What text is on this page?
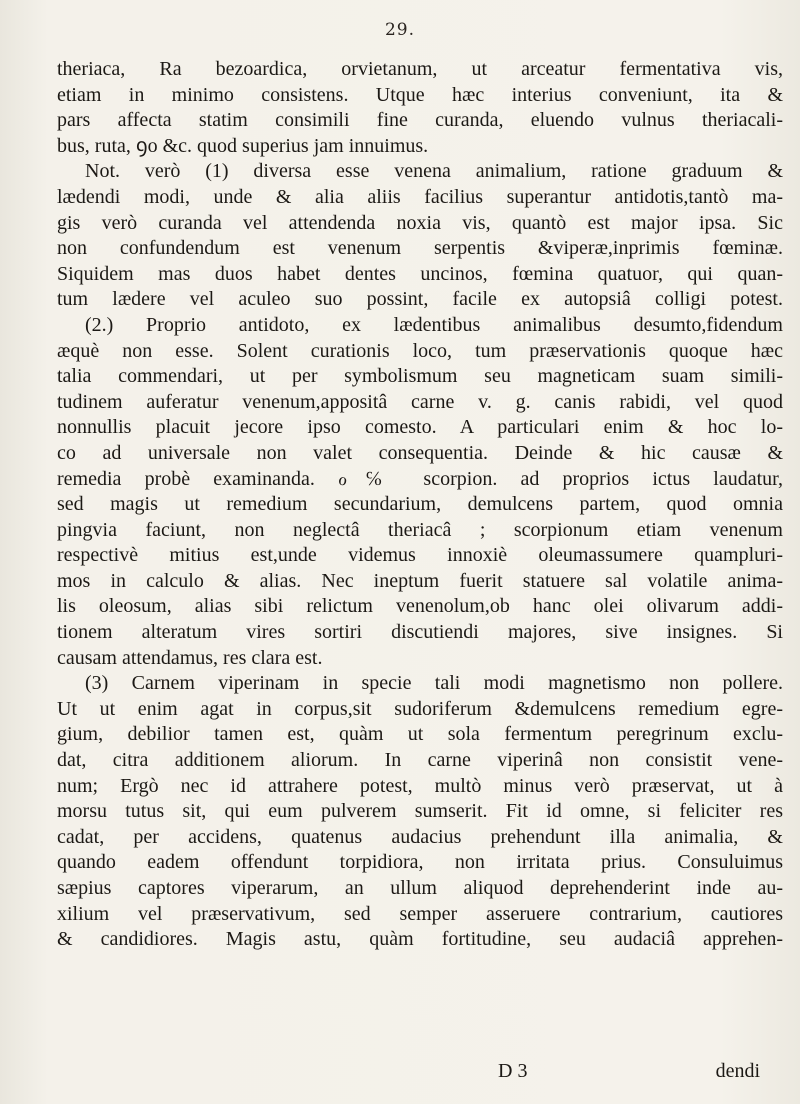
29.
theriaca, Ra bezoardica, orvietanum, ut arceatur fermentativa vis,
etiam in minimo consistens. Utque hæc interius conveniunt, ita &
pars affecta statim consimili fine curanda, eluendo vulnus theriacali-
bus, ruta, ꝯo &c. quod superius jam innuimus.
Not. verò (1) diversa esse venena animalium, ratione graduum &
lædendi modi, unde & alia aliis facilius superantur antidotis,tantò ma-
gis verò curanda vel attendenda noxia vis, quantò est major ipsa. Sic
non confundendum est venenum serpentis &viperæ,inprimis fœminæ.
Siquidem mas duos habet dentes uncinos, fœmina quatuor, qui quan-
tum lædere vel aculeo suo possint, facile ex autopsiâ colligi potest.
(2.) Proprio antidoto, ex lædentibus animalibus desumto,fidendum
æquè non esse. Solent curationis loco, tum præservationis quoque hæc
talia commendari, ut per symbolismum seu magneticam suam simili-
tudinem auferatur venenum,appositâ carne v. g. canis rabidi, vel quod
nonnullis placuit jecore ipso comesto. A particulari enim & hoc lo-
co ad universale non valet consequentia. Deinde & hic causæ &
remedia probè examinanda. ℴ℅ scorpion. ad proprios ictus laudatur,
sed magis ut remedium secundarium, demulcens partem, quod omnia
pingvia faciunt, non neglectâ theriacâ ; scorpionum etiam venenum
respectivè mitius est,unde videmus innoxiè oleumassumere quampluri-
mos in calculo & alias. Nec ineptum fuerit statuere sal volatile anima-
lis oleosum, alias sibi relictum venenolum,ob hanc olei olivarum addi-
tionem alteratum vires sortiri discutiendi majores, sive insignes. Si
causam attendamus, res clara est.
(3) Carnem viperinam in specie tali modi magnetismo non pollere.
Ut ut enim agat in corpus,sit sudoriferum &demulcens remedium egre-
gium, debilior tamen est, quàm ut sola fermentum peregrinum exclu-
dat, citra additionem aliorum. In carne viperinâ non consistit vene-
num; Ergò nec id attrahere potest, multò minus verò præservat, ut à
morsu tutus sit, qui eum pulverem sumserit. Fit id omne, si feliciter res
cadat, per accidens, quatenus audacius prehendunt illa animalia, &
quando eadem offendunt torpidiora, non irritata prius. Consuluimus
sæpius captores viperarum, an ullum aliquod deprehenderint inde au-
xilium vel præservativum, sed semper asseruere contrarium, cautiores
& candidiores. Magis astu, quàm fortitudine, seu audaciâ apprehen-
D 3	dendi
